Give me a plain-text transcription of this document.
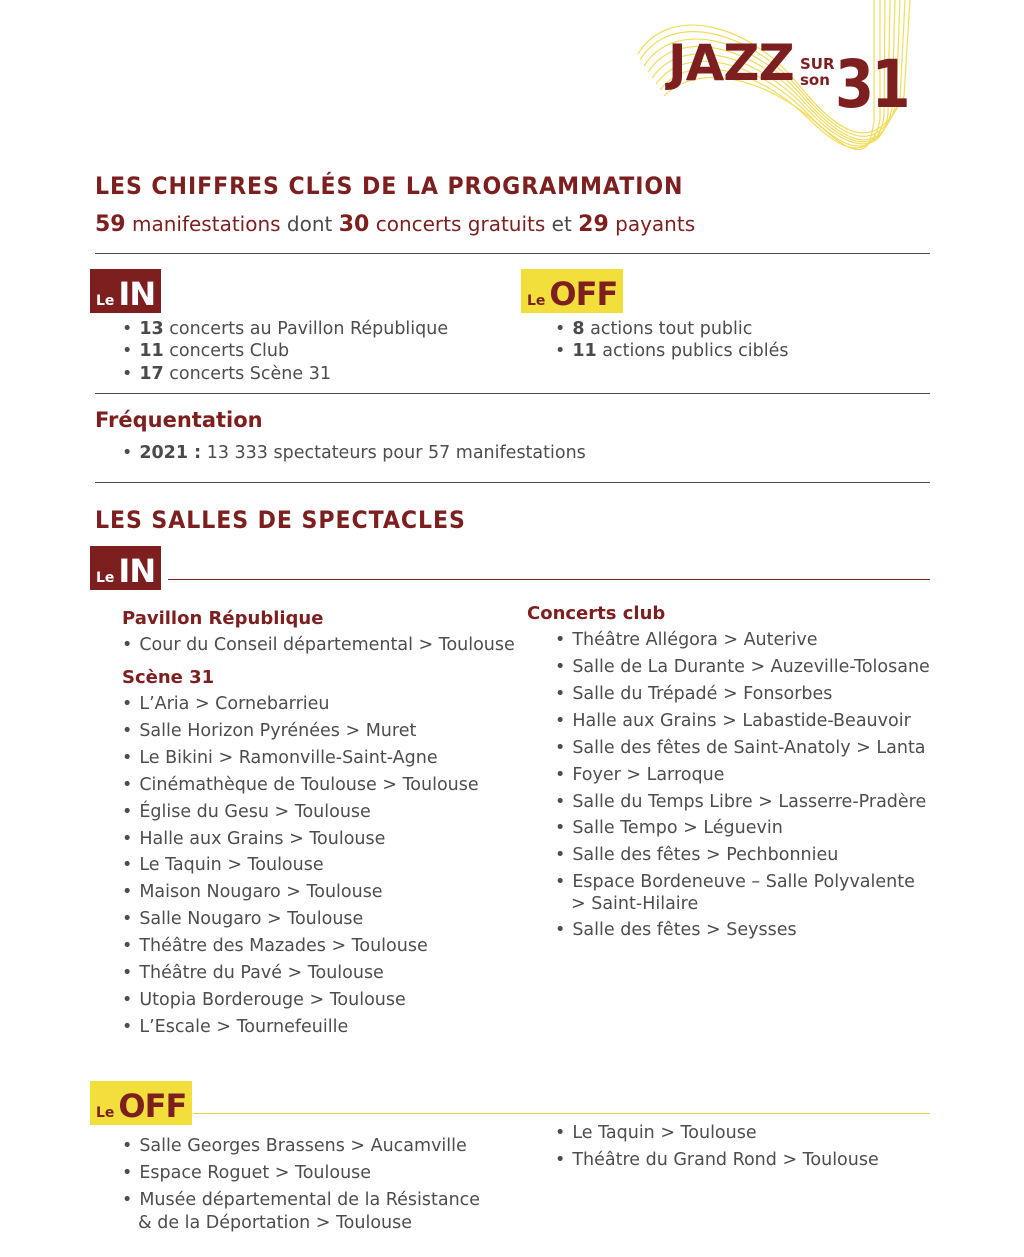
JAZZ SUR
son 31
LES CHIFFRES CLÉS DE LA PROGRAMMATION
59 manifestations dont 30 concerts gratuits et 29 payants
Le IN	Le OFF
• 13 concerts au Pavillon République
• 11 concerts Club
• 17 concerts Scène 31
• 8 actions tout public
• 11 actions publics ciblés
Fréquentation
• 2021 : 13 333 spectateurs pour 57 manifestations
LES SALLES DE SPECTACLES
Le IN
Pavillon République
• Cour du Conseil départemental > Toulouse
Scène 31
• L’Aria > Cornebarrieu
• Salle Horizon Pyrénées > Muret
• Le Bikini > Ramonville-Saint-Agne
• Cinémathèque de Toulouse > Toulouse
• Église du Gesu > Toulouse
• Halle aux Grains > Toulouse
• Le Taquin > Toulouse
• Maison Nougaro > Toulouse
• Salle Nougaro > Toulouse
• Théâtre des Mazades > Toulouse
• Théâtre du Pavé > Toulouse
• Utopia Borderouge > Toulouse
• L’Escale > Tournefeuille
Concerts club
• Théâtre Allégora > Auterive
• Salle de La Durante > Auzeville-Tolosane
• Salle du Trépadé > Fonsorbes
• Halle aux Grains > Labastide-Beauvoir
• Salle des fêtes de Saint-Anatoly > Lanta
• Foyer > Larroque
• Salle du Temps Libre > Lasserre-Pradère
• Salle Tempo > Léguevin
• Salle des fêtes > Pechbonnieu
• Espace Bordeneuve – Salle Polyvalente
• Salle des fêtes > Seysses
> Saint-Hilaire
Le OFF
• Salle Georges Brassens > Aucamville
• Espace Roguet > Toulouse
• Musée départemental de la Résistance
& de la Déportation > Toulouse
• Le Taquin > Toulouse
• Théâtre du Grand Rond > Toulouse
